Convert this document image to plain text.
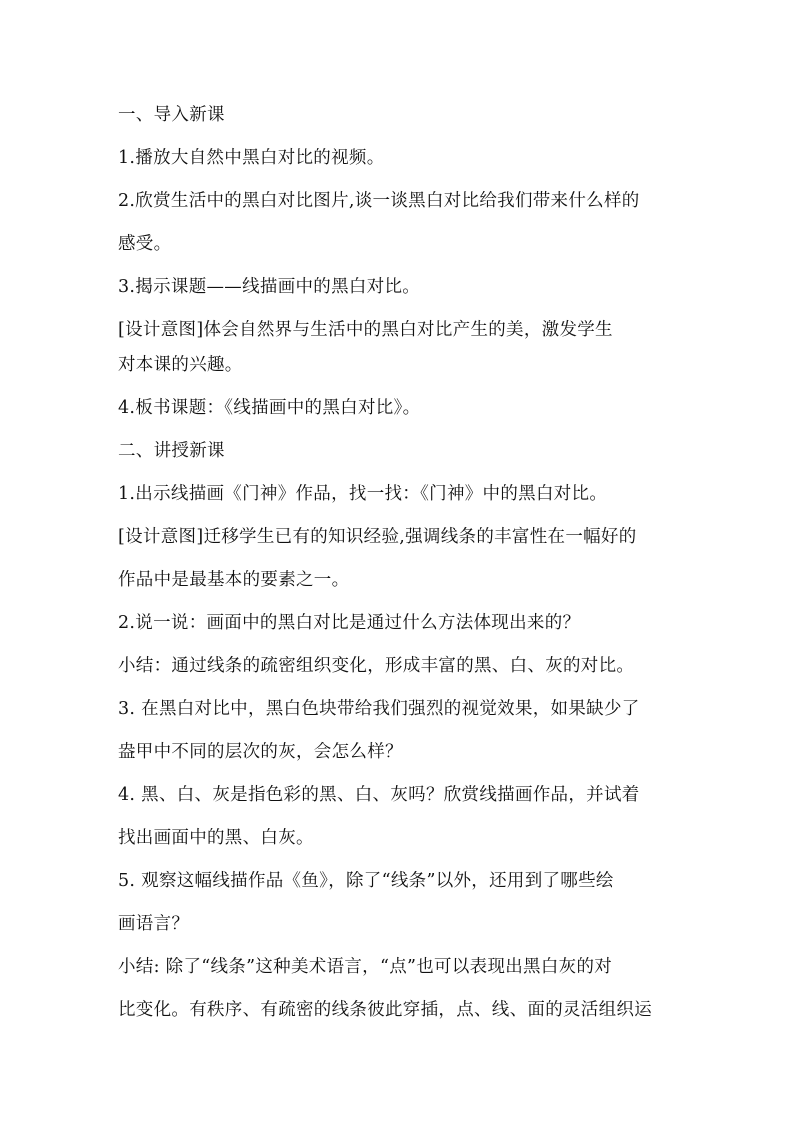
一、导入新课

1.播放大自然中黑白对比的视频。

2.欣赏生活中的黑白对比图片,谈一谈黑白对比给我们带来什么样的

感受。

3.揭示课题——线描画中的黑白对比。

[设计意图]体会自然界与生活中的黑白对比产生的美，激发学生

对本课的兴趣。

4.板书课题：《线描画中的黑白对比》。

二、讲授新课

1.出示线描画《门神》作品，找一找：《门神》中的黑白对比。

[设计意图]迁移学生已有的知识经验,强调线条的丰富性在一幅好的

作品中是最基本的要素之一。

2.说一说：画面中的黑白对比是通过什么方法体现出来的？

小结：通过线条的疏密组织变化，形成丰富的黑、白、灰的对比。

3. 在黑白对比中，黑白色块带给我们强烈的视觉效果，如果缺少了

盎甲中不同的层次的灰，会怎么样？

4. 黑、白、灰是指色彩的黑、白、灰吗？欣赏线描画作品，并试着

找出画面中的黑、白灰。

5. 观察这幅线描作品《鱼》，除了“线条”以外，还用到了哪些绘

画语言？

小结: 除了“线条”这种美术语言，“点”也可以表现出黑白灰的对

比变化。有秩序、有疏密的线条彼此穿插，点、线、面的灵活组织运
